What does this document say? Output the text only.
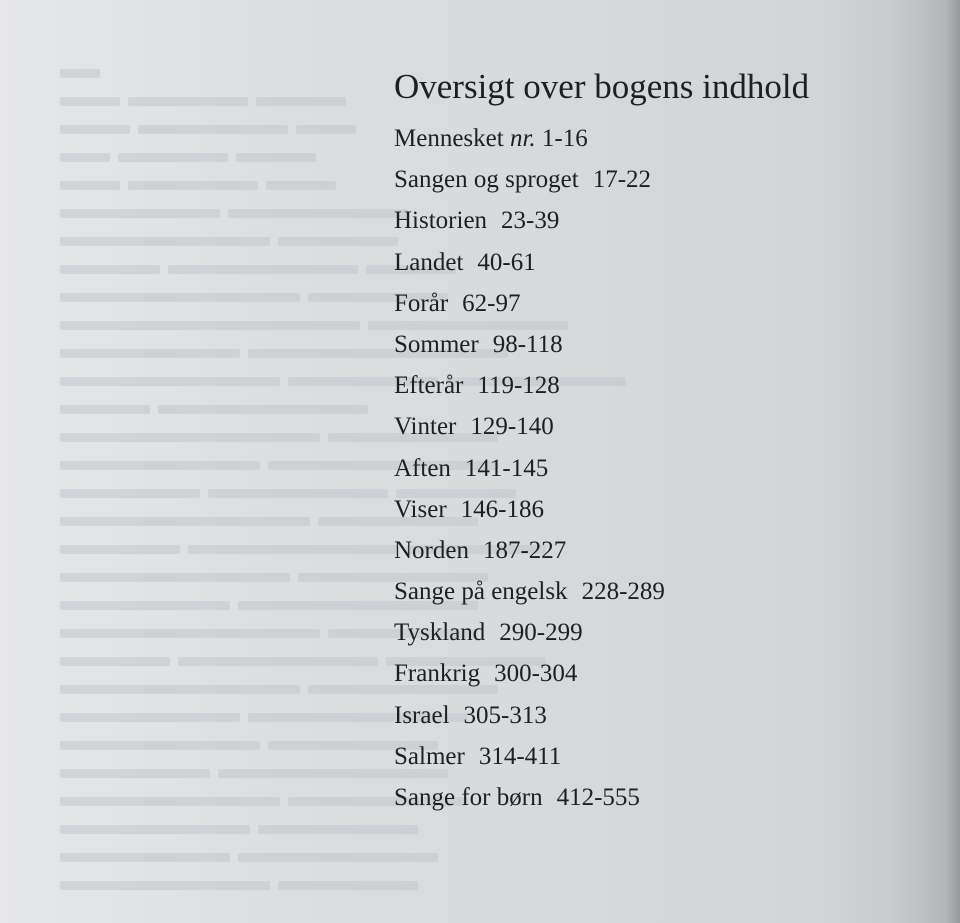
Oversigt over bogens indhold
Mennesket nr. 1-16
Sangen og sproget 17-22
Historien 23-39
Landet 40-61
Forår 62-97
Sommer 98-118
Efterår 119-128
Vinter 129-140
Aften 141-145
Viser 146-186
Norden 187-227
Sange på engelsk 228-289
Tyskland 290-299
Frankrig 300-304
Israel 305-313
Salmer 314-411
Sange for børn 412-555
